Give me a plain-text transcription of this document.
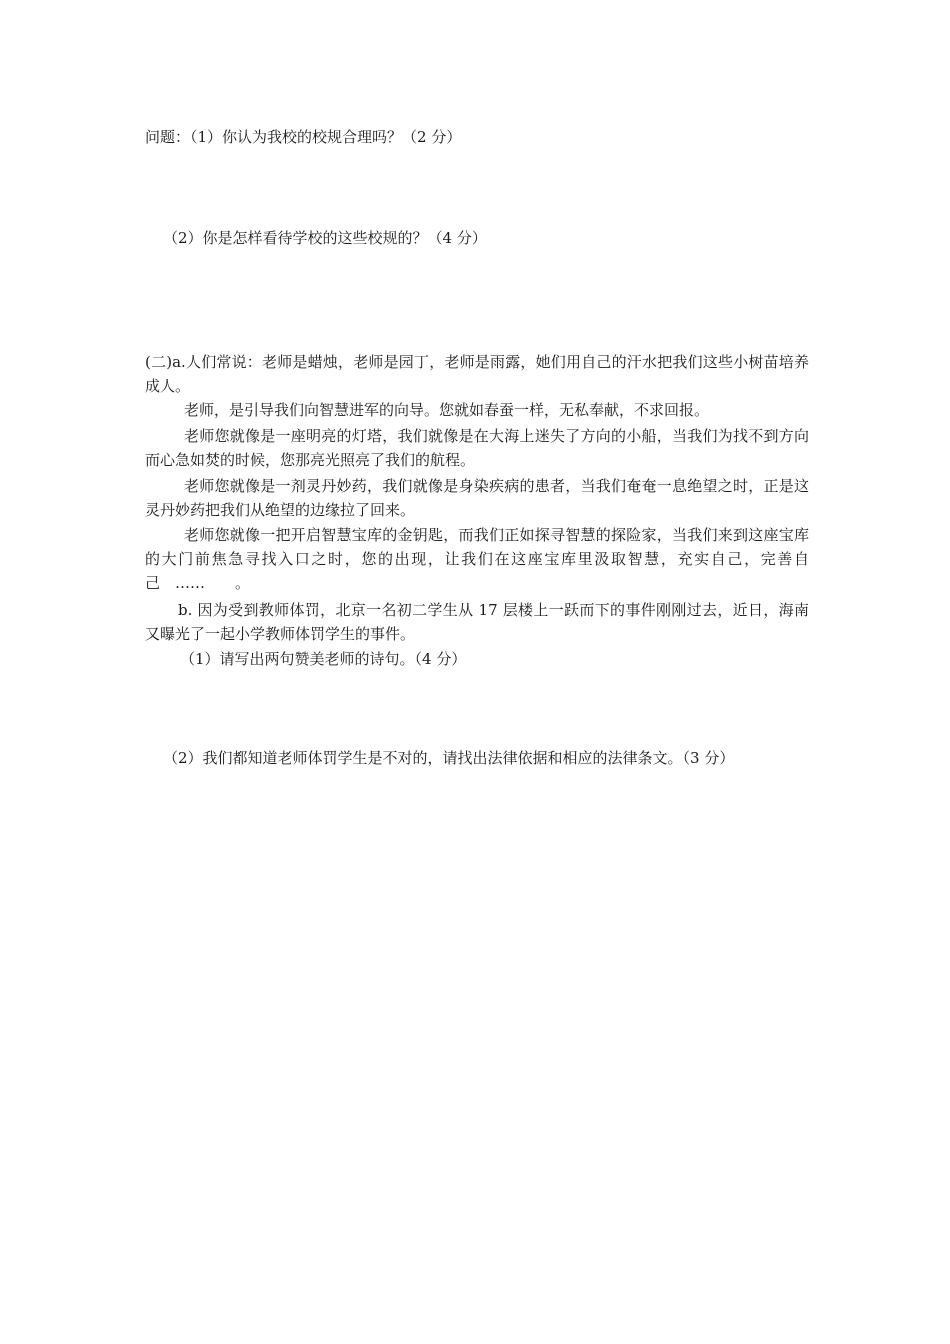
问题：（1）你认为我校的校规合理吗？（2 分）
（2）你是怎样看待学校的这些校规的？（4 分）
(二)a.人们常说：老师是蜡烛，老师是园丁，老师是雨露，她们用自己的汗水把我们这些小树苗培养成人。
老师，是引导我们向智慧进军的向导。您就如春蚕一样，无私奉献，不求回报。
老师您就像是一座明亮的灯塔，我们就像是在大海上迷失了方向的小船，当我们为找不到方向而心急如焚的时候，您那亮光照亮了我们的航程。
老师您就像是一剂灵丹妙药，我们就像是身染疾病的患者，当我们奄奄一息绝望之时，正是这灵丹妙药把我们从绝望的边缘拉了回来。
老师您就像一把开启智慧宝库的金钥匙，而我们正如探寻智慧的探险家，当我们来到这座宝库的大门前焦急寻找入口之时，您的出现，让我们在这座宝库里汲取智慧，充实自己，完善自己　……　　。
b. 因为受到教师体罚，北京一名初二学生从 17 层楼上一跃而下的事件刚刚过去，近日，海南又曝光了一起小学教师体罚学生的事件。
（1）请写出两句赞美老师的诗句。（4 分）
（2）我们都知道老师体罚学生是不对的，请找出法律依据和相应的法律条文。（3 分）
